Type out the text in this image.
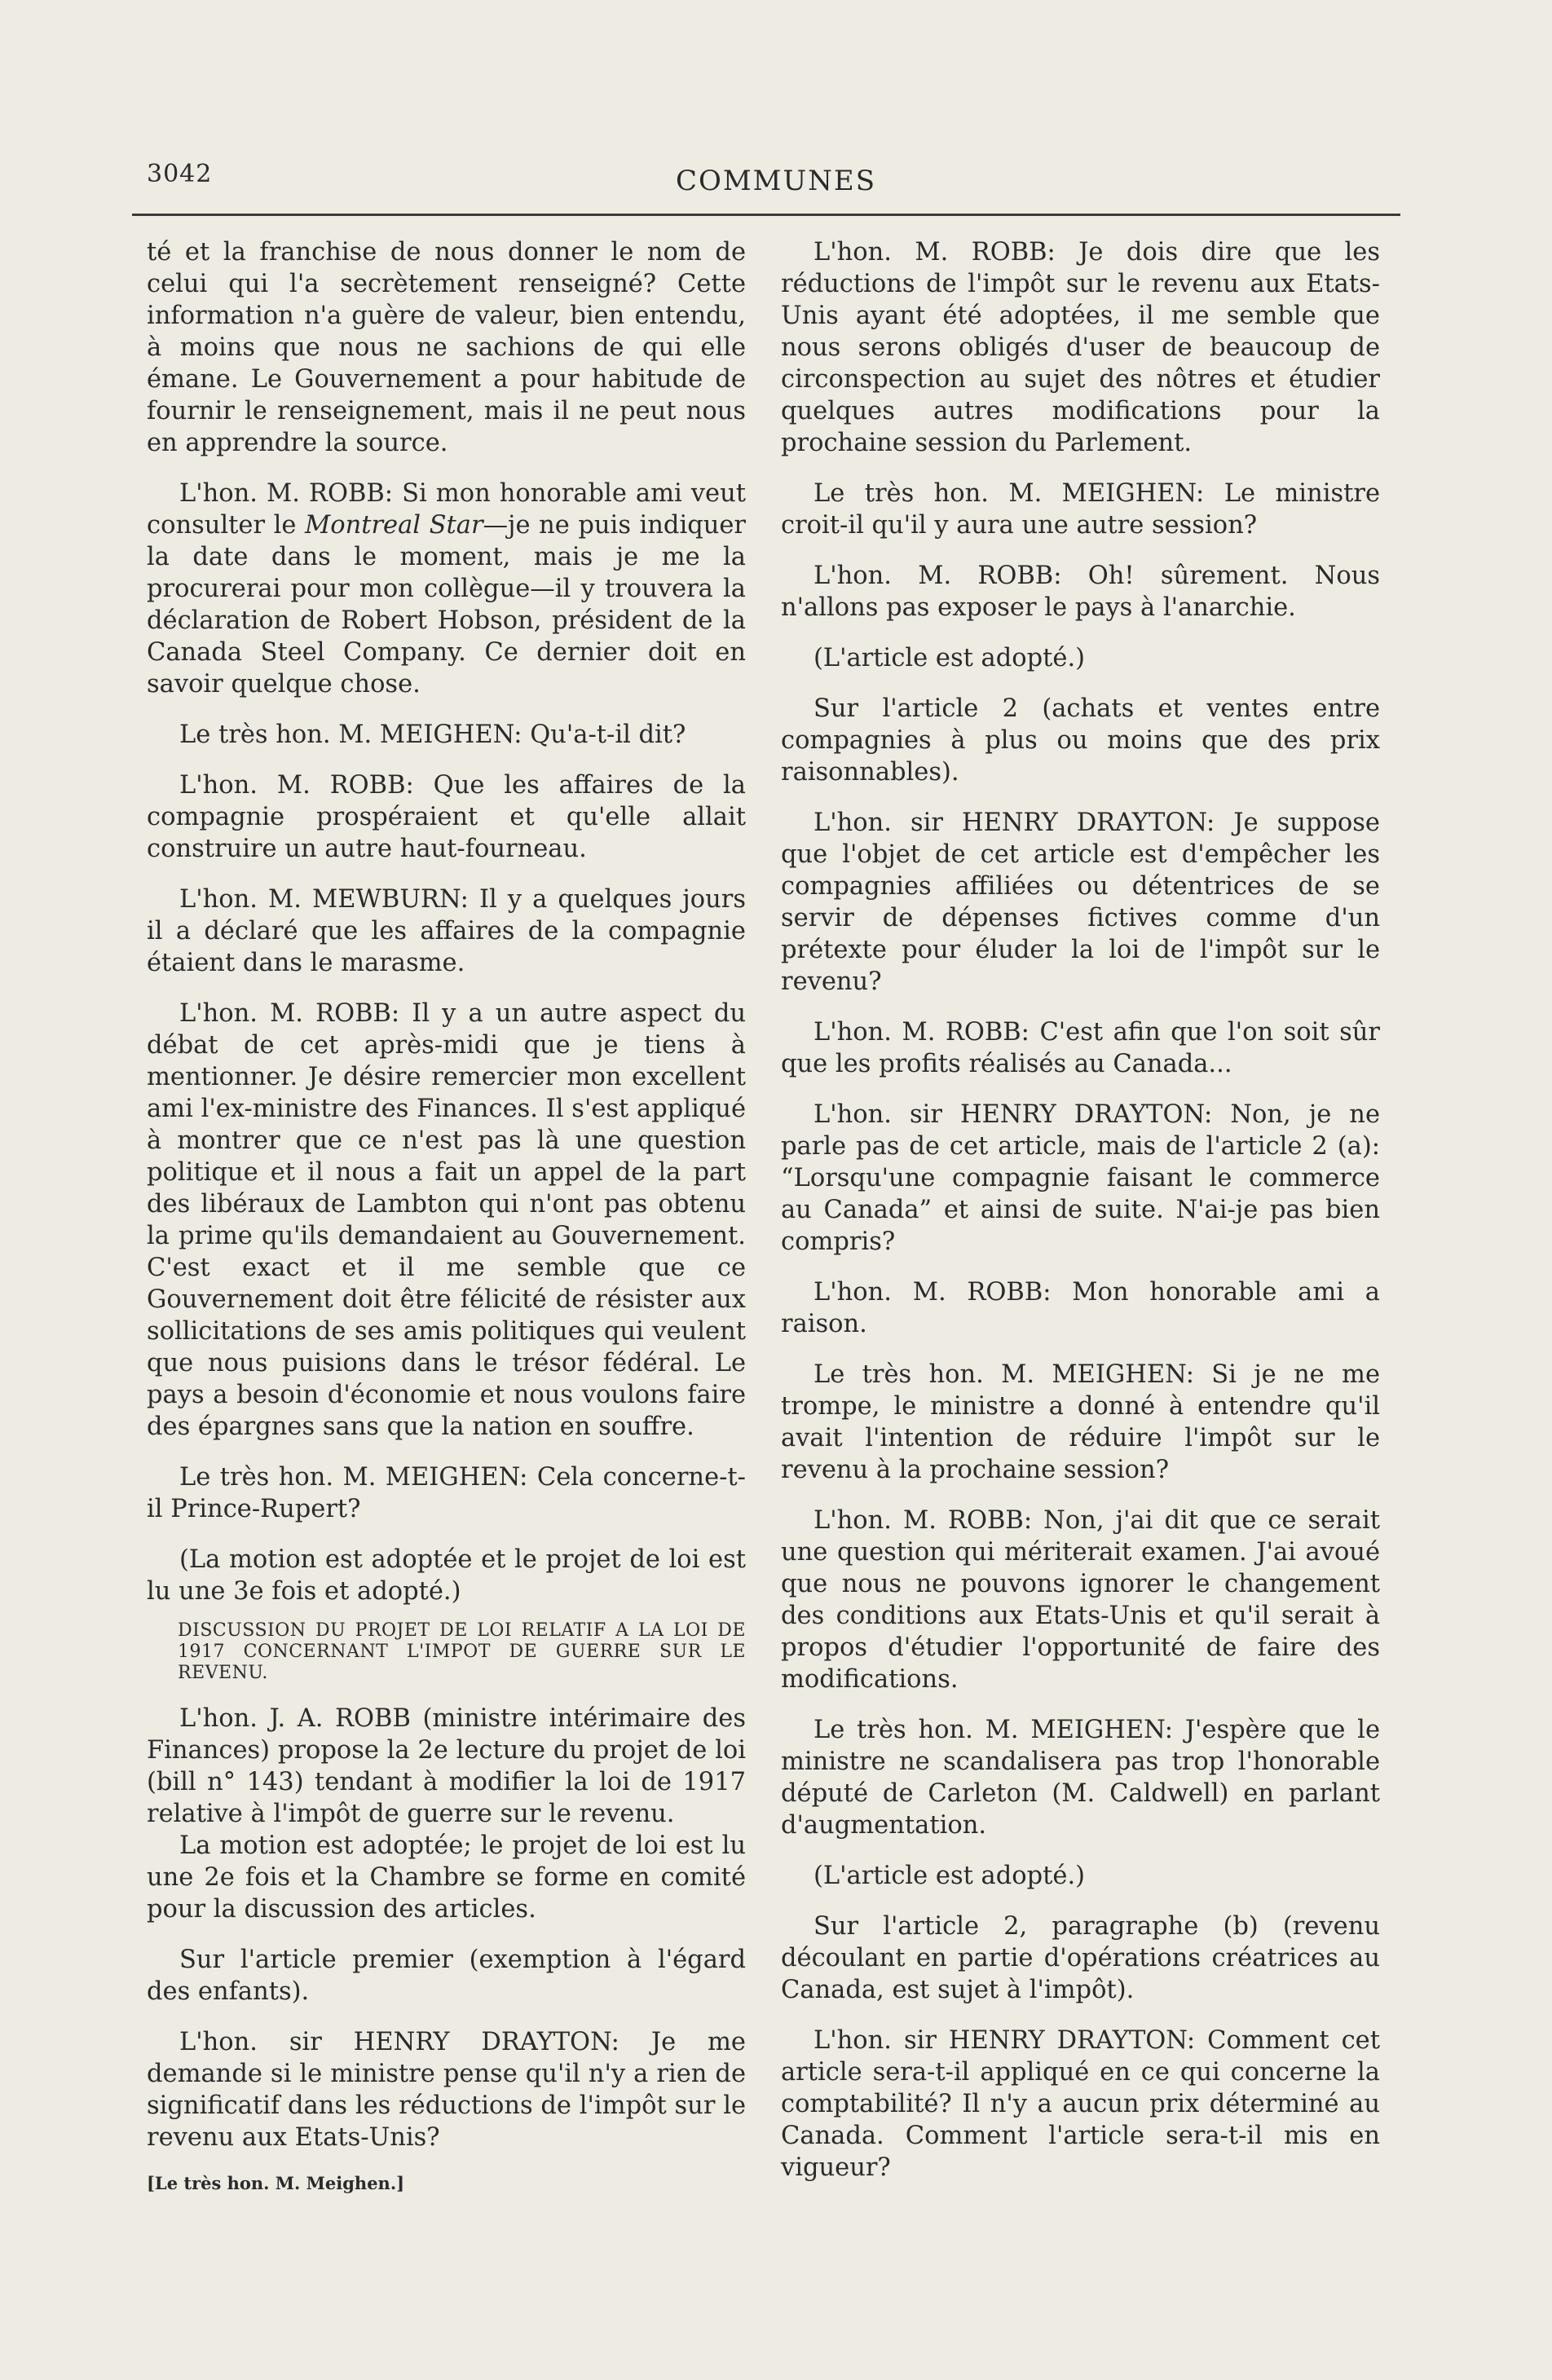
3042	COMMUNES

té et la franchise de nous donner le nom de celui qui l'a secrètement renseigné? Cette information n'a guère de valeur, bien entendu, à moins que nous ne sachions de qui elle émane. Le Gouvernement a pour habitude de fournir le renseignement, mais il ne peut nous en apprendre la source.

L'hon. M. ROBB: Si mon honorable ami veut consulter le Montreal Star—je ne puis indiquer la date dans le moment, mais je me la procurerai pour mon collègue—il y trouvera la déclaration de Robert Hobson, président de la Canada Steel Company. Ce dernier doit en savoir quelque chose.

Le très hon. M. MEIGHEN: Qu'a-t-il dit?

L'hon. M. ROBB: Que les affaires de la compagnie prospéraient et qu'elle allait construire un autre haut-fourneau.

L'hon. M. MEWBURN: Il y a quelques jours il a déclaré que les affaires de la compagnie étaient dans le marasme.

L'hon. M. ROBB: Il y a un autre aspect du débat de cet après-midi que je tiens à mentionner. Je désire remercier mon excellent ami l'ex-ministre des Finances. Il s'est appliqué à montrer que ce n'est pas là une question politique et il nous a fait un appel de la part des libéraux de Lambton qui n'ont pas obtenu la prime qu'ils demandaient au Gouvernement. C'est exact et il me semble que ce Gouvernement doit être félicité de résister aux sollicitations de ses amis politiques qui veulent que nous puisions dans le trésor fédéral. Le pays a besoin d'économie et nous voulons faire des épargnes sans que la nation en souffre.

Le très hon. M. MEIGHEN: Cela concerne-t-il Prince-Rupert?

(La motion est adoptée et le projet de loi est lu une 3e fois et adopté.)

DISCUSSION DU PROJET DE LOI RELATIF A LA LOI DE 1917 CONCERNANT L'IMPOT DE GUERRE SUR LE REVENU.

L'hon. J. A. ROBB (ministre intérimaire des Finances) propose la 2e lecture du projet de loi (bill n° 143) tendant à modifier la loi de 1917 relative à l'impôt de guerre sur le revenu.

La motion est adoptée; le projet de loi est lu une 2e fois et la Chambre se forme en comité pour la discussion des articles.

Sur l'article premier (exemption à l'égard des enfants).

L'hon. sir HENRY DRAYTON: Je me demande si le ministre pense qu'il n'y a rien de significatif dans les réductions de l'impôt sur le revenu aux Etats-Unis?

[Le très hon. M. Meighen.]

L'hon. M. ROBB: Je dois dire que les réductions de l'impôt sur le revenu aux Etats-Unis ayant été adoptées, il me semble que nous serons obligés d'user de beaucoup de circonspection au sujet des nôtres et étudier quelques autres modifications pour la prochaine session du Parlement.

Le très hon. M. MEIGHEN: Le ministre croit-il qu'il y aura une autre session?

L'hon. M. ROBB: Oh! sûrement. Nous n'allons pas exposer le pays à l'anarchie.

(L'article est adopté.)

Sur l'article 2 (achats et ventes entre compagnies à plus ou moins que des prix raisonnables).

L'hon. sir HENRY DRAYTON: Je suppose que l'objet de cet article est d'empêcher les compagnies affiliées ou détentrices de se servir de dépenses fictives comme d'un prétexte pour éluder la loi de l'impôt sur le revenu?

L'hon. M. ROBB: C'est afin que l'on soit sûr que les profits réalisés au Canada...

L'hon. sir HENRY DRAYTON: Non, je ne parle pas de cet article, mais de l'article 2 (a): “Lorsqu'une compagnie faisant le commerce au Canada” et ainsi de suite. N'ai-je pas bien compris?

L'hon. M. ROBB: Mon honorable ami a raison.

Le très hon. M. MEIGHEN: Si je ne me trompe, le ministre a donné à entendre qu'il avait l'intention de réduire l'impôt sur le revenu à la prochaine session?

L'hon. M. ROBB: Non, j'ai dit que ce serait une question qui mériterait examen. J'ai avoué que nous ne pouvons ignorer le changement des conditions aux Etats-Unis et qu'il serait à propos d'étudier l'opportunité de faire des modifications.

Le très hon. M. MEIGHEN: J'espère que le ministre ne scandalisera pas trop l'honorable député de Carleton (M. Caldwell) en parlant d'augmentation.

(L'article est adopté.)

Sur l'article 2, paragraphe (b) (revenu découlant en partie d'opérations créatrices au Canada, est sujet à l'impôt).

L'hon. sir HENRY DRAYTON: Comment cet article sera-t-il appliqué en ce qui concerne la comptabilité? Il n'y a aucun prix déterminé au Canada. Comment l'article sera-t-il mis en vigueur?
